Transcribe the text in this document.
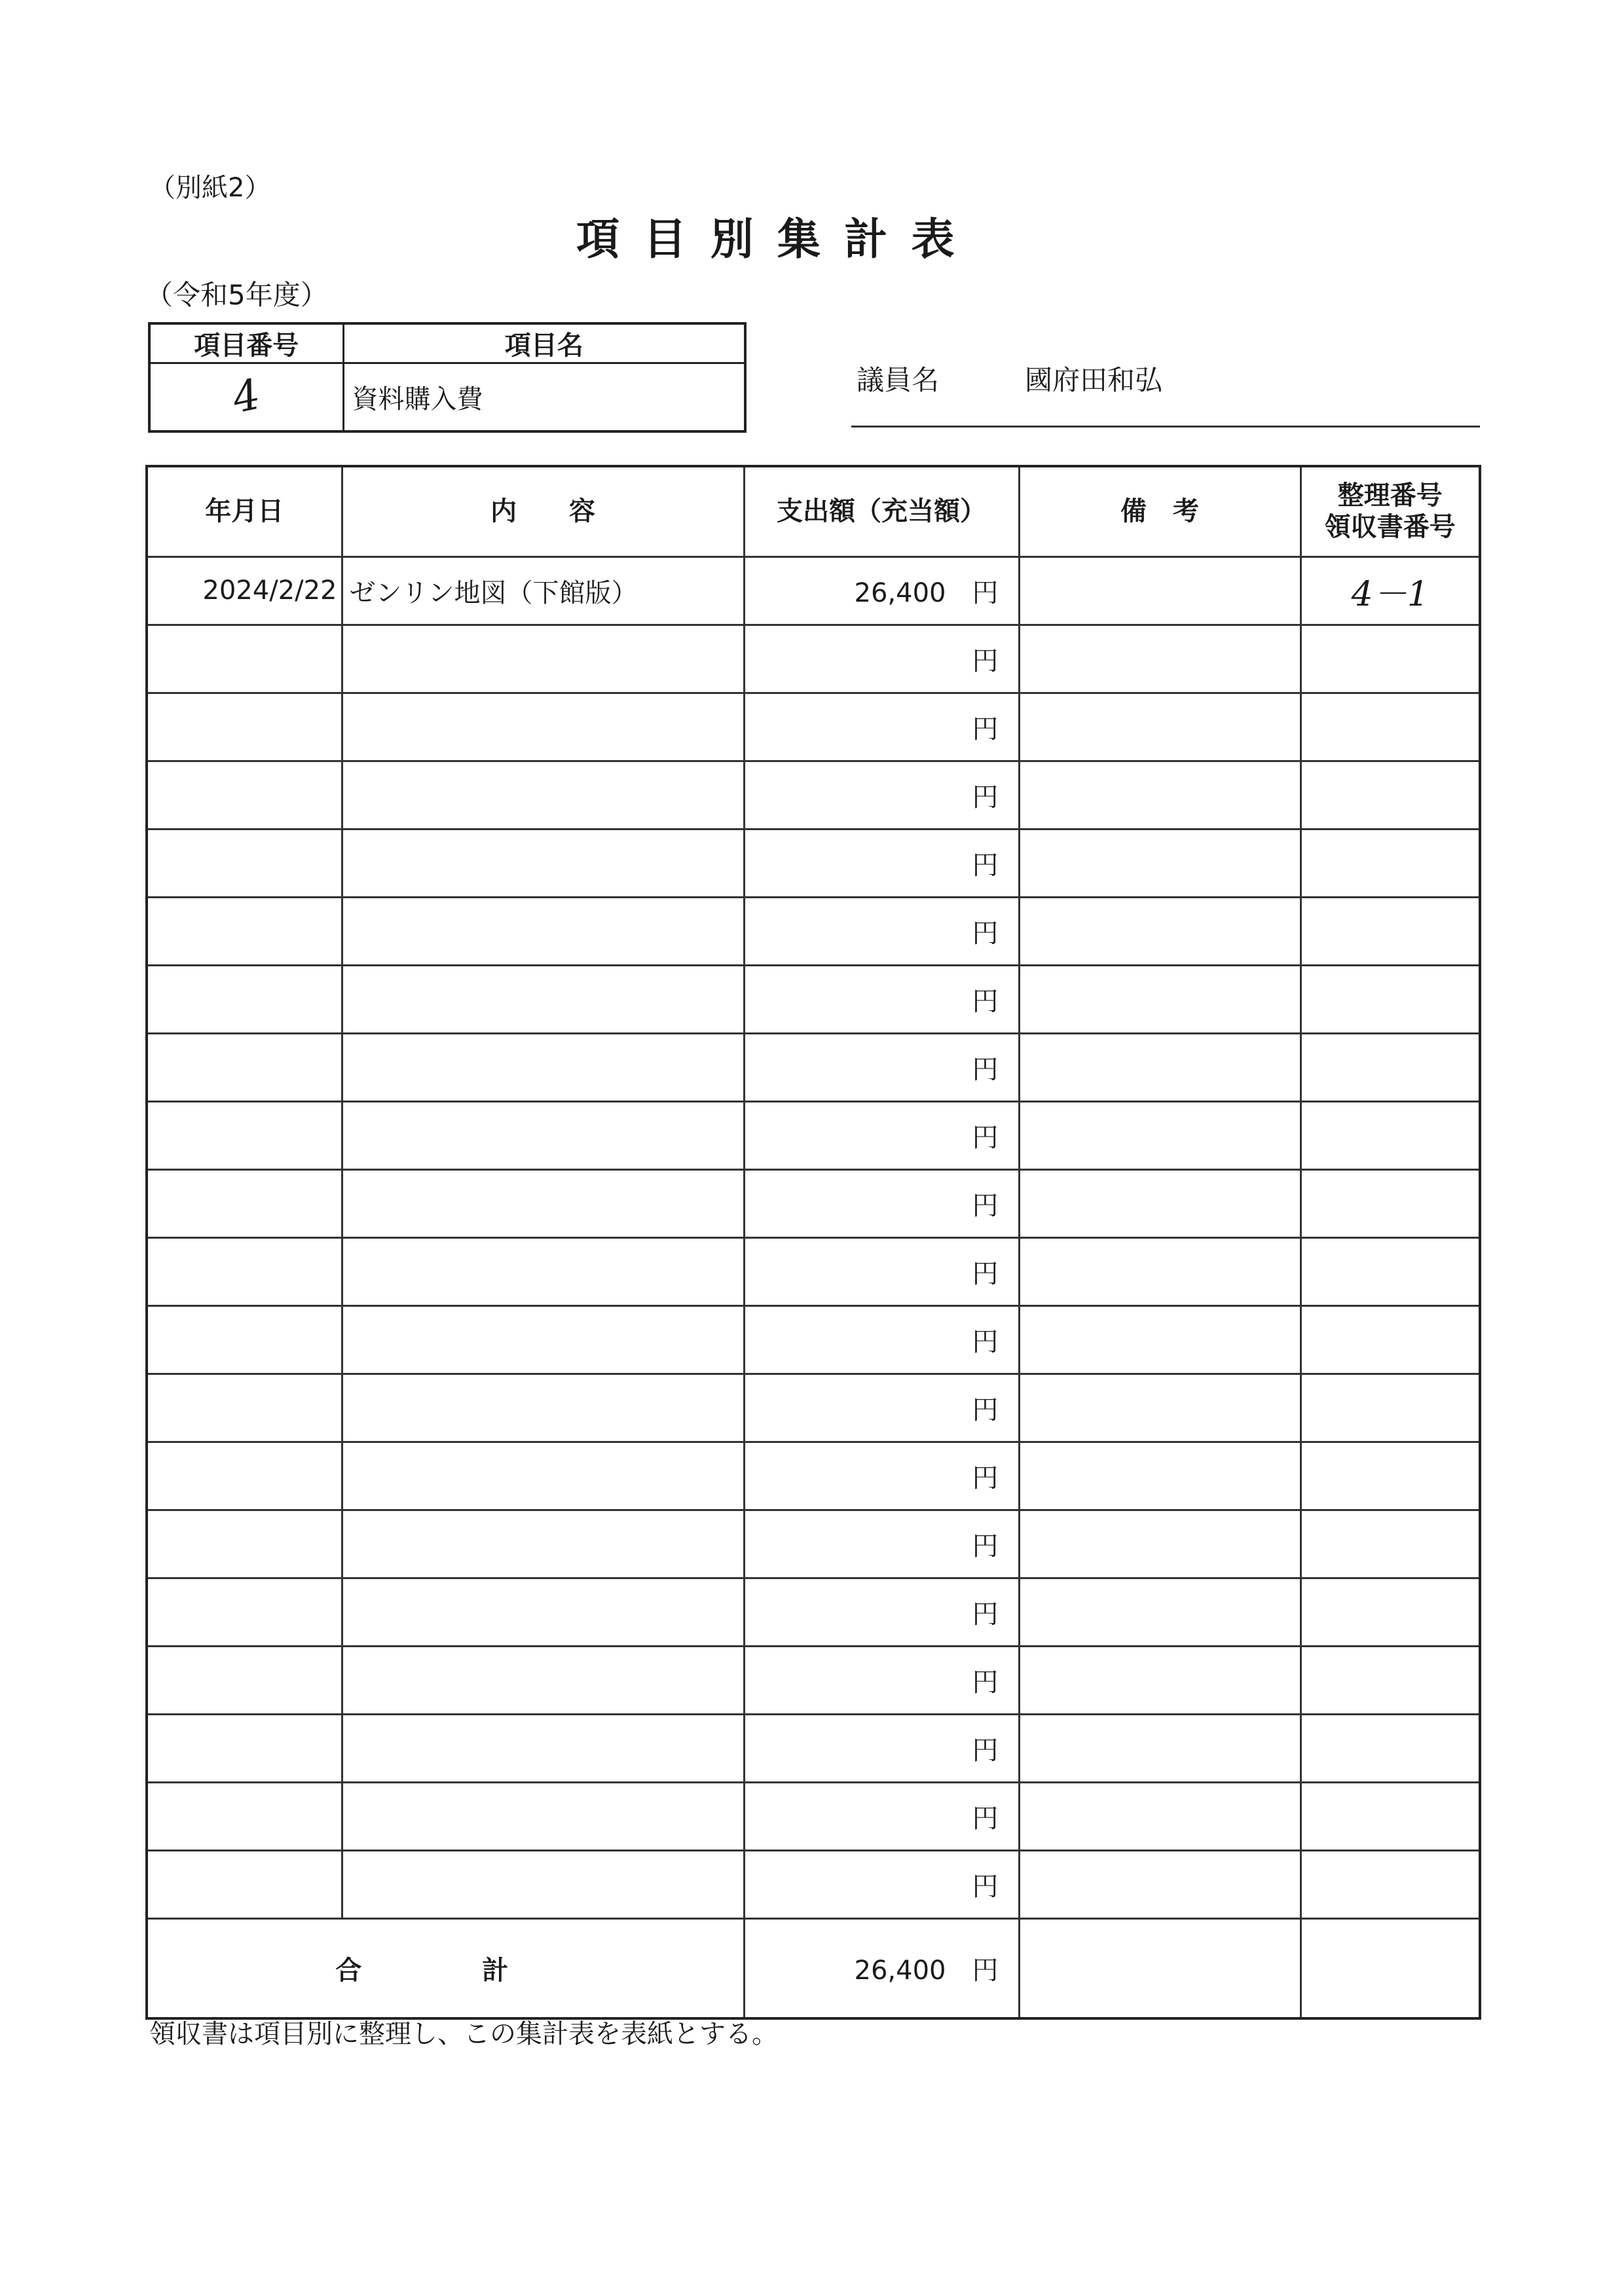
（別紙2）
項目別集計表
（令和5年度）
項目番号	項目名

4	資料購入費
議員名	國府田和弘
年月日	内　　容	支出額（充当額）	備　考	整理番号
領収書番号

2024/2/22	ゼンリン地図（下館版）	26,400　 円		4－1
		　円		
		　円		
		　円		
		　円		
		　円		
		　円		
		　円		
		　円		
		　円		
		　円		
		　円		
		　円		
		　円		
		　円		
		　円		
		　円		
		　円		
		　円		
		　円		
合　計		26,400　 円

領収書は項目別に整理し、この集計表を表紙とする。
